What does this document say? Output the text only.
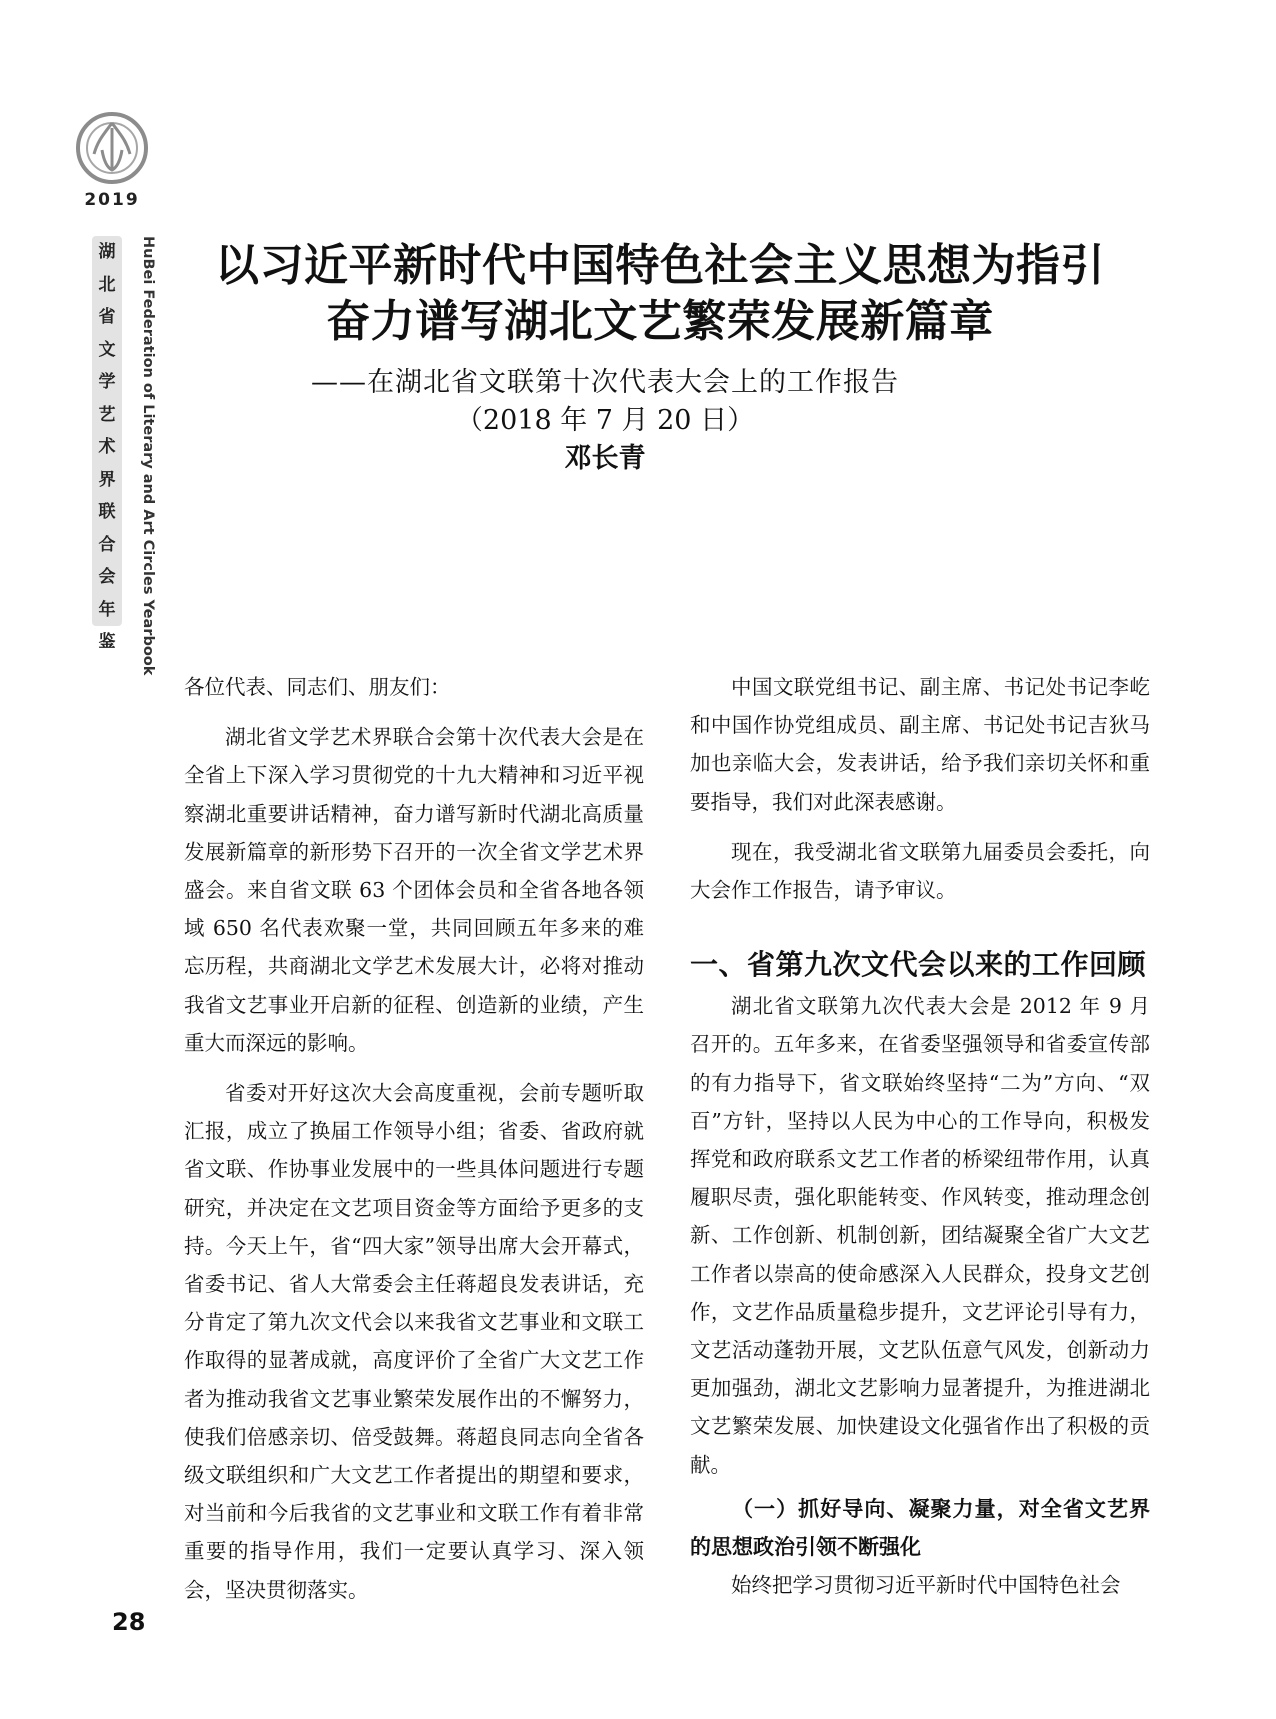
2019
湖
北
省
文
学
艺
术
界
联
合
会
年
鉴	HuBei Federation of Literary and Art Circles Yearbook	以习近平新时代中国特色社会主义思想为指引
奋力谱写湖北文艺繁荣发展新篇章
——在湖北省文联第十次代表大会上的工作报告
（2018 年 7 月 20 日）
邓长青

各位代表、同志们、朋友们：

湖北省文学艺术界联合会第十次代表大会是在全省上下深入学习贯彻党的十九大精神和习近平视察湖北重要讲话精神，奋力谱写新时代湖北高质量发展新篇章的新形势下召开的一次全省文学艺术界盛会。来自省文联 63 个团体会员和全省各地各领域 650 名代表欢聚一堂，共同回顾五年多来的难忘历程，共商湖北文学艺术发展大计，必将对推动我省文艺事业开启新的征程、创造新的业绩，产生重大而深远的影响。

省委对开好这次大会高度重视，会前专题听取汇报，成立了换届工作领导小组；省委、省政府就省文联、作协事业发展中的一些具体问题进行专题研究，并决定在文艺项目资金等方面给予更多的支持。今天上午，省“四大家”领导出席大会开幕式，省委书记、省人大常委会主任蒋超良发表讲话，充分肯定了第九次文代会以来我省文艺事业和文联工作取得的显著成就，高度评价了全省广大文艺工作者为推动我省文艺事业繁荣发展作出的不懈努力，使我们倍感亲切、倍受鼓舞。蒋超良同志向全省各级文联组织和广大文艺工作者提出的期望和要求，对当前和今后我省的文艺事业和文联工作有着非常重要的指导作用，我们一定要认真学习、深入领会，坚决贯彻落实。

中国文联党组书记、副主席、书记处书记李屹和中国作协党组成员、副主席、书记处书记吉狄马加也亲临大会，发表讲话，给予我们亲切关怀和重要指导，我们对此深表感谢。

现在，我受湖北省文联第九届委员会委托，向大会作工作报告，请予审议。

一、省第九次文代会以来的工作回顾

湖北省文联第九次代表大会是 2012 年 9 月召开的。五年多来，在省委坚强领导和省委宣传部的有力指导下，省文联始终坚持“二为”方向、“双百”方针，坚持以人民为中心的工作导向，积极发挥党和政府联系文艺工作者的桥梁纽带作用，认真履职尽责，强化职能转变、作风转变，推动理念创新、工作创新、机制创新，团结凝聚全省广大文艺工作者以崇高的使命感深入人民群众，投身文艺创作，文艺作品质量稳步提升，文艺评论引导有力，文艺活动蓬勃开展，文艺队伍意气风发，创新动力更加强劲，湖北文艺影响力显著提升，为推进湖北文艺繁荣发展、加快建设文化强省作出了积极的贡献。

（一）抓好导向、凝聚力量，对全省文艺界的思想政治引领不断强化

始终把学习贯彻习近平新时代中国特色社会

28
